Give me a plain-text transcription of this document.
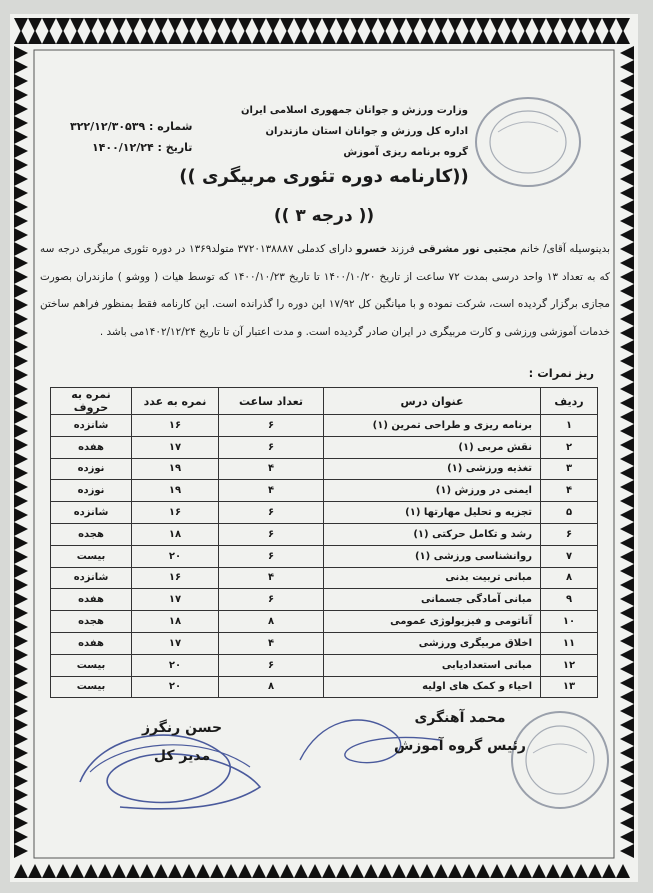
وزارت ورزش و جوانان جمهوری اسلامی ایران
اداره کل ورزش و جوانان استان مازندران
گروه برنامه ریزی آموزش
شماره : ۳۲۲/۱۲/۳۰۵۳۹
تاریخ : ۱۴۰۰/۱۲/۲۴
((کارنامه دوره تئوری مربیگری ))
(( درجه ۳ ))
بدینوسیله آقای/ خانم مجتبی نور مشرقی فرزند خسرو دارای کدملی ۳۷۲۰۱۳۸۸۸۷ متولد۱۳۶۹ در دوره تئوری مربیگری درجه سه که به تعداد ۱۳ واحد درسی بمدت ۷۲ ساعت از تاریخ ۱۴۰۰/۱۰/۲۰ تا تاریخ ۱۴۰۰/۱۰/۲۳ که توسط هیات ( ووشو ) مازندران بصورت مجازی برگزار گردیده است، شرکت نموده و با میانگین کل ۱۷/۹۲ این دوره را گذرانده است. این کارنامه فقط بمنظور فراهم ساختن خدمات آموزشی ورزشی و کارت مربیگری در ایران صادر گردیده است. و مدت اعتبار آن تا تاریخ ۱۴۰۲/۱۲/۲۴می باشد .
ریز نمرات :
ردیف	عنوان درس	تعداد ساعت	نمره به عدد	نمره به حروف
۱	برنامه ریزی و طراحی تمرین (۱)	۶	۱۶	شانزده
۲	نقش مربی (۱)	۶	۱۷	هفده
۳	تغذیه ورزشی (۱)	۴	۱۹	نوزده
۴	ایمنی در ورزش (۱)	۴	۱۹	نوزده
۵	تجزیه و تحلیل مهارتها (۱)	۶	۱۶	شانزده
۶	رشد و تکامل حرکتی (۱)	۶	۱۸	هجده
۷	روانشناسی ورزشی (۱)	۶	۲۰	بیست
۸	مبانی تربیت بدنی	۴	۱۶	شانزده
۹	مبانی آمادگی جسمانی	۶	۱۷	هفده
۱۰	آناتومی و فیزیولوژی عمومی	۸	۱۸	هجده
۱۱	اخلاق مربیگری ورزشی	۴	۱۷	هفده
۱۲	مبانی استعدادیابی	۶	۲۰	بیست
۱۳	احیاء و کمک های اولیه	۸	۲۰	بیست
محمد آهنگری
رئیس گروه آموزش
حسن رنگرز
مدیر کل
